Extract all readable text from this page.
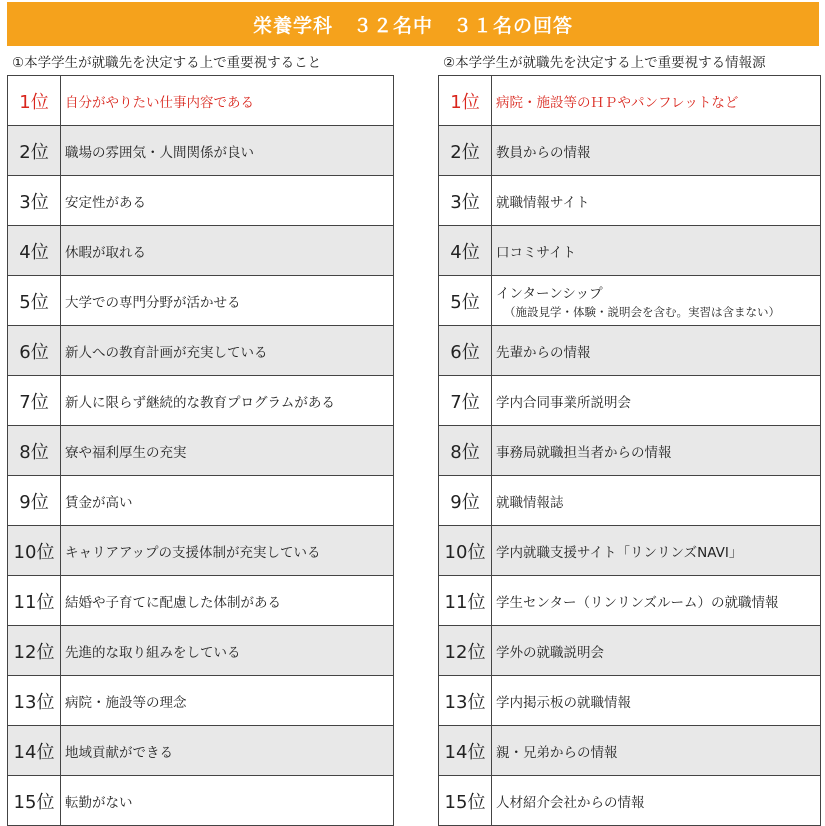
栄養学科　３２名中　３１名の回答
①本学学生が就職先を決定する上で重要視すること	②本学学生が就職先を決定する上で重要視する情報源
1位	自分がやりたい仕事内容である
2位	職場の雰囲気・人間関係が良い
3位	安定性がある
4位	休暇が取れる
5位	大学での専門分野が活かせる
6位	新人への教育計画が充実している
7位	新人に限らず継続的な教育プログラムがある
8位	寮や福利厚生の充実
9位	賃金が高い
10位	キャリアアップの支援体制が充実している
11位	結婚や子育てに配慮した体制がある
12位	先進的な取り組みをしている
13位	病院・施設等の理念
14位	地域貢献ができる
15位	転勤がない
1位	病院・施設等のＨＰやパンフレットなど
2位	教員からの情報
3位	就職情報サイト
4位	口コミサイト
5位	インターンシップ
（施設見学・体験・説明会を含む。実習は含まない）

6位	先輩からの情報
7位	学内合同事業所説明会
8位	事務局就職担当者からの情報
9位	就職情報誌
10位	学内就職支援サイト「リンリンズNAVI」
11位	学生センター（リンリンズルーム）の就職情報
12位	学外の就職説明会
13位	学内掲示板の就職情報
14位	親・兄弟からの情報
15位	人材紹介会社からの情報
